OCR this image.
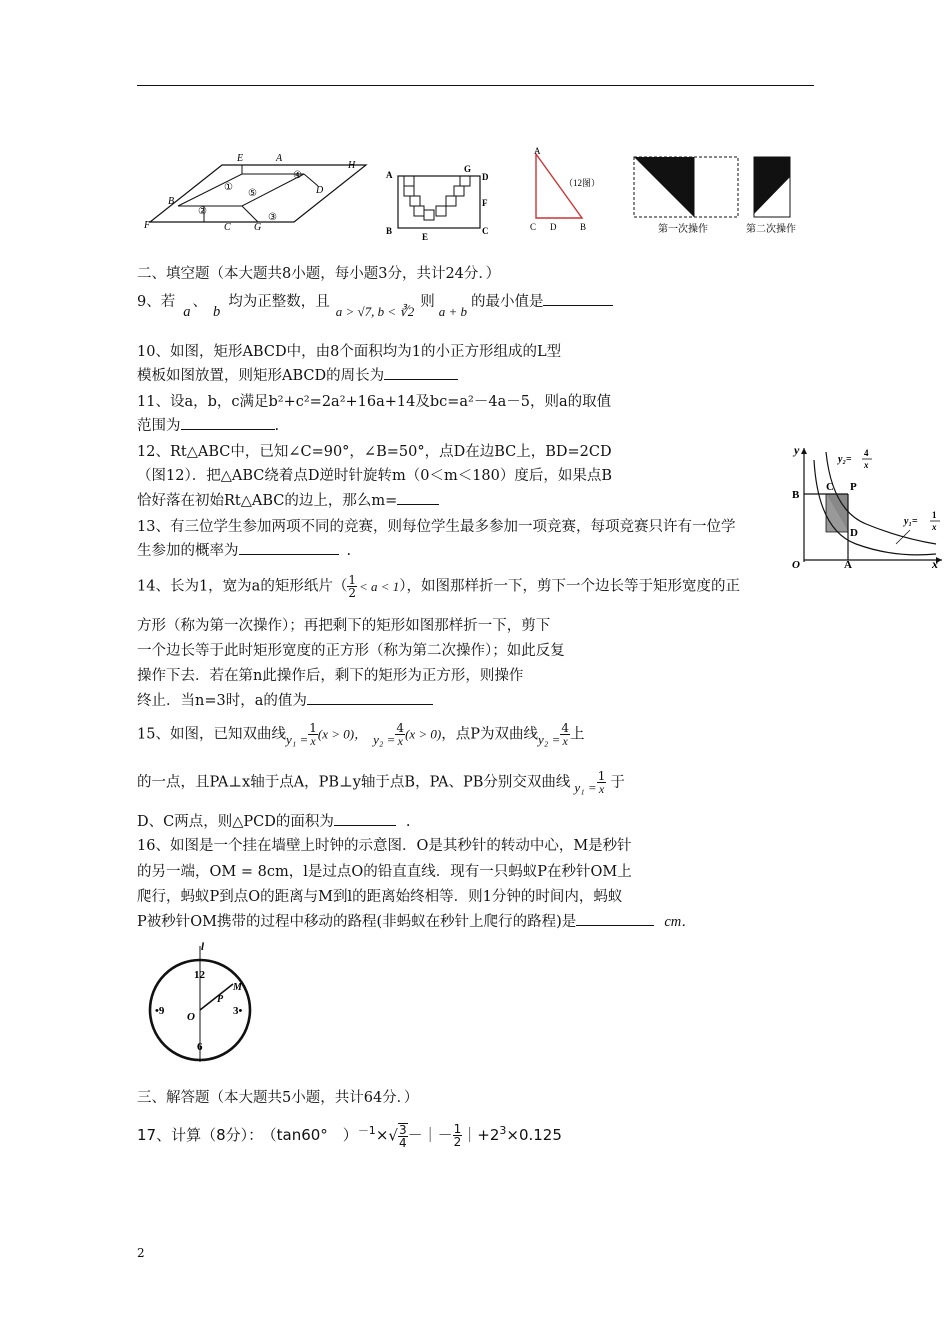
E	A
H
B
D
F	C G
①
②
③
④
⑤
A
G
D
F
B
E
C
A
C D	B
（12图）
第一次操作	第二次操作
二、填空题（本大题共8小题，每小题3分，共计24分．）
9、若a、b均为正整数，且a > √7, b < ∛2则a + b的最小值是
10、如图，矩形ABCD中，由8个面积均为1的小正方形组成的L型
模板如图放置，则矩形ABCD的周长为
11、设a，b，c满足b²+c²=2a²+16a+14及bc=a²－4a－5，则a的取值
范围为	.
12、Rt△ABC中，已知∠C=90°，∠B=50°，点D在边BC上，BD=2CD
（图12）．把△ABC绕着点D逆时针旋转m（0＜m＜180）度后，如果点B
恰好落在初始Rt△ABC的边上，那么m=
13、有三位学生参加两项不同的竞赛，则每位学生最多参加一项竞赛，每项竞赛只许有一位学
生参加的概率为	.
y
x
O	A
B
C P
D
y₂=
4
x
y₁=
1
x
14、长为1，宽为a的矩形纸片（ $\frac{1}{2} < a < 1$），如图那样折一下，剪下一个边长等于矩形宽度的正
方形（称为第一次操作）；再把剩下的矩形如图那样折一下，剪下
一个边长等于此时矩形宽度的正方形（称为第二次操作）；如此反复
操作下去．若在第n此操作后，剩下的矩形为正方形，则操作
终止．当n=3时，a的值为
15、如图，已知双曲线$y_1 = \frac{1}{x} (x > 0)$， $y_2 = \frac{4}{x} (x > 0)$，点P为双曲线$y_2 = \frac{4}{x}$ 上
的一点，且PA⊥x轴于点A，PB⊥y轴于点B，PA、PB分别交双曲线 $y_1 = \frac{1}{x}$ 于
D、C两点，则△PCD的面积为	.
16、如图是一个挂在墙壁上时钟的示意图．O是其秒针的转动中心，M是秒针
的另一端，OM = 8cm，l是过点O的铅直直线．现有一只蚂蚁P在秒针OM上
爬行，蚂蚁P到点O的距离与M到l的距离始终相等．则1分钟的时间内，蚂蚁
P被秒针OM携带的过程中移动的路程(非蚂蚁在秒针上爬行的路程)是	cm．
l
12
3•
6
•9 O
P
M
三、解答题（本大题共5小题，共计64分．）
17、计算（8分）： （tan60°　）$^{-1}\times√ \frac{3}{4}$ －｜－ $\frac{1}{2}$ $|+2^3\times 0.125$
2
